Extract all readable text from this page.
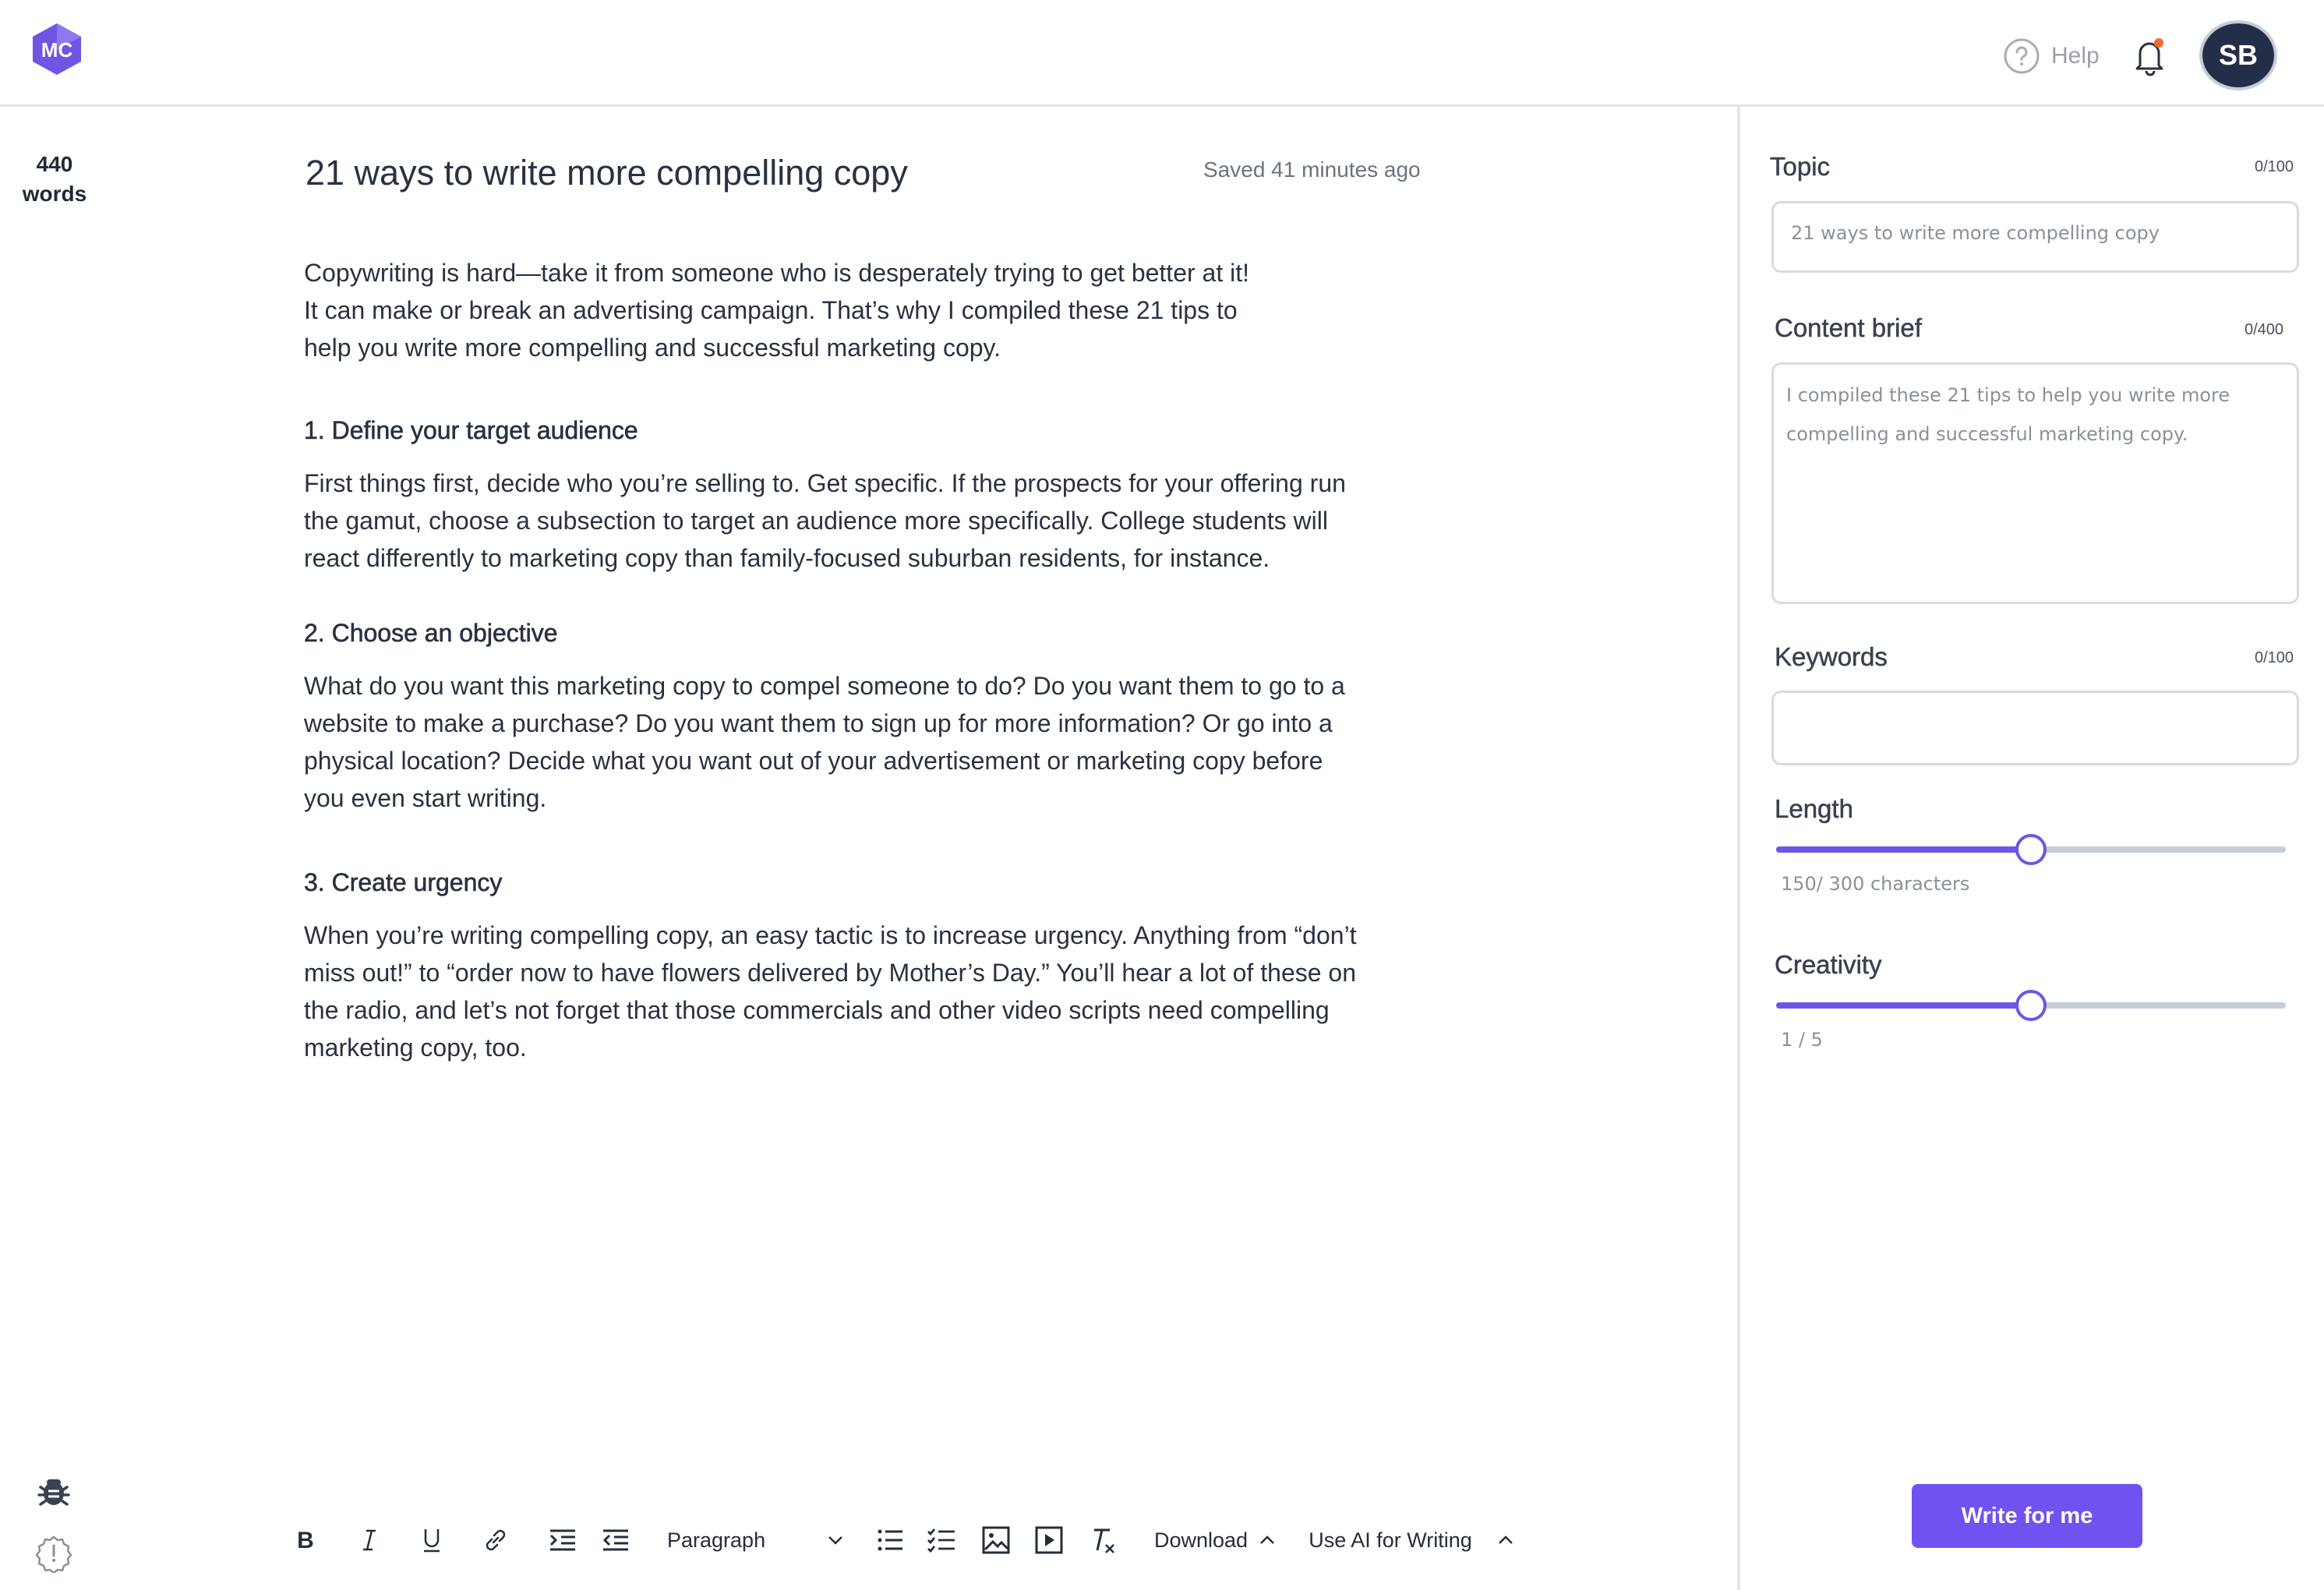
MC	Help	SB
440
words
21 ways to write more compelling copy	Saved 41 minutes ago

Copywriting is hard—take it from someone who is desperately trying to get better at it!
It can make or break an advertising campaign. That’s why I compiled these 21 tips to
help you write more compelling and successful marketing copy.

1. Define your target audience

First things first, decide who you’re selling to. Get specific. If the prospects for your offering run
the gamut, choose a subsection to target an audience more specifically. College students will
react differently to marketing copy than family-focused suburban residents, for instance.

2. Choose an objective

What do you want this marketing copy to compel someone to do? Do you want them to go to a
website to make a purchase? Do you want them to sign up for more information? Or go into a
physical location? Decide what you want out of your advertisement or marketing copy before
you even start writing.

3. Create urgency

When you’re writing compelling copy, an easy tactic is to increase urgency. Anything from “don’t
miss out!” to “order now to have flowers delivered by Mother’s Day.” You’ll hear a lot of these on
the radio, and let’s not forget that those commercials and other video scripts need compelling
marketing copy, too.

B	Paragraph	Download	Use AI for Writing
Topic	0/100
21 ways to write more compelling copy
Content brief	0/400
I compiled these 21 tips to help you write more
compelling and successful marketing copy.
Keywords	0/100
Length
150/ 300 characters
Creativity
1 / 5
Write for me
